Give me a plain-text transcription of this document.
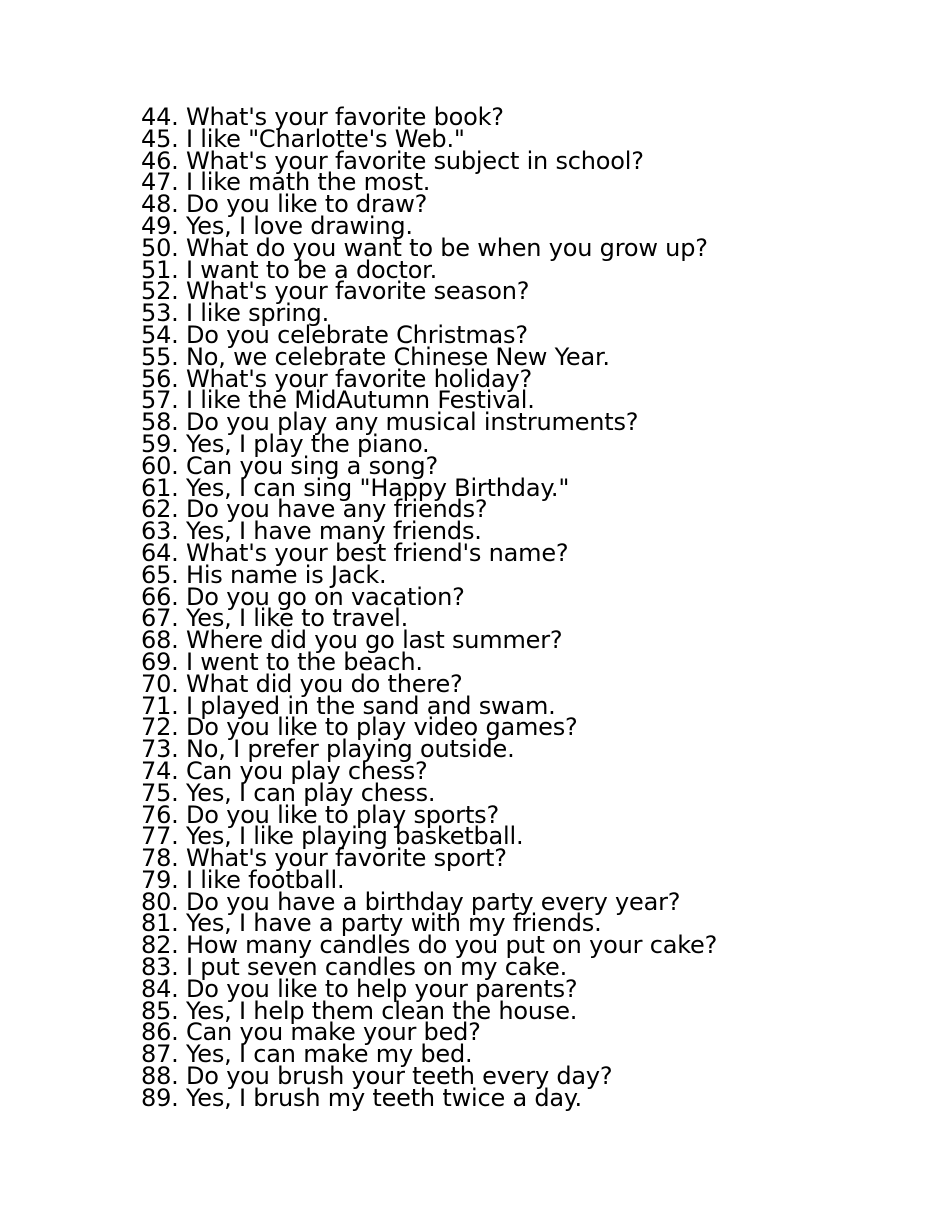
44. What's your favorite book?
45. I like "Charlotte's Web."
46. What's your favorite subject in school?
47. I like math the most.
48. Do you like to draw?
49. Yes, I love drawing.
50. What do you want to be when you grow up?
51. I want to be a doctor.
52. What's your favorite season?
53. I like spring.
54. Do you celebrate Christmas?
55. No, we celebrate Chinese New Year.
56. What's your favorite holiday?
57. I like the MidAutumn Festival.
58. Do you play any musical instruments?
59. Yes, I play the piano.
60. Can you sing a song?
61. Yes, I can sing "Happy Birthday."
62. Do you have any friends?
63. Yes, I have many friends.
64. What's your best friend's name?
65. His name is Jack.
66. Do you go on vacation?
67. Yes, I like to travel.
68. Where did you go last summer?
69. I went to the beach.
70. What did you do there?
71. I played in the sand and swam.
72. Do you like to play video games?
73. No, I prefer playing outside.
74. Can you play chess?
75. Yes, I can play chess.
76. Do you like to play sports?
77. Yes, I like playing basketball.
78. What's your favorite sport?
79. I like football.
80. Do you have a birthday party every year?
81. Yes, I have a party with my friends.
82. How many candles do you put on your cake?
83. I put seven candles on my cake.
84. Do you like to help your parents?
85. Yes, I help them clean the house.
86. Can you make your bed?
87. Yes, I can make my bed.
88. Do you brush your teeth every day?
89. Yes, I brush my teeth twice a day.
